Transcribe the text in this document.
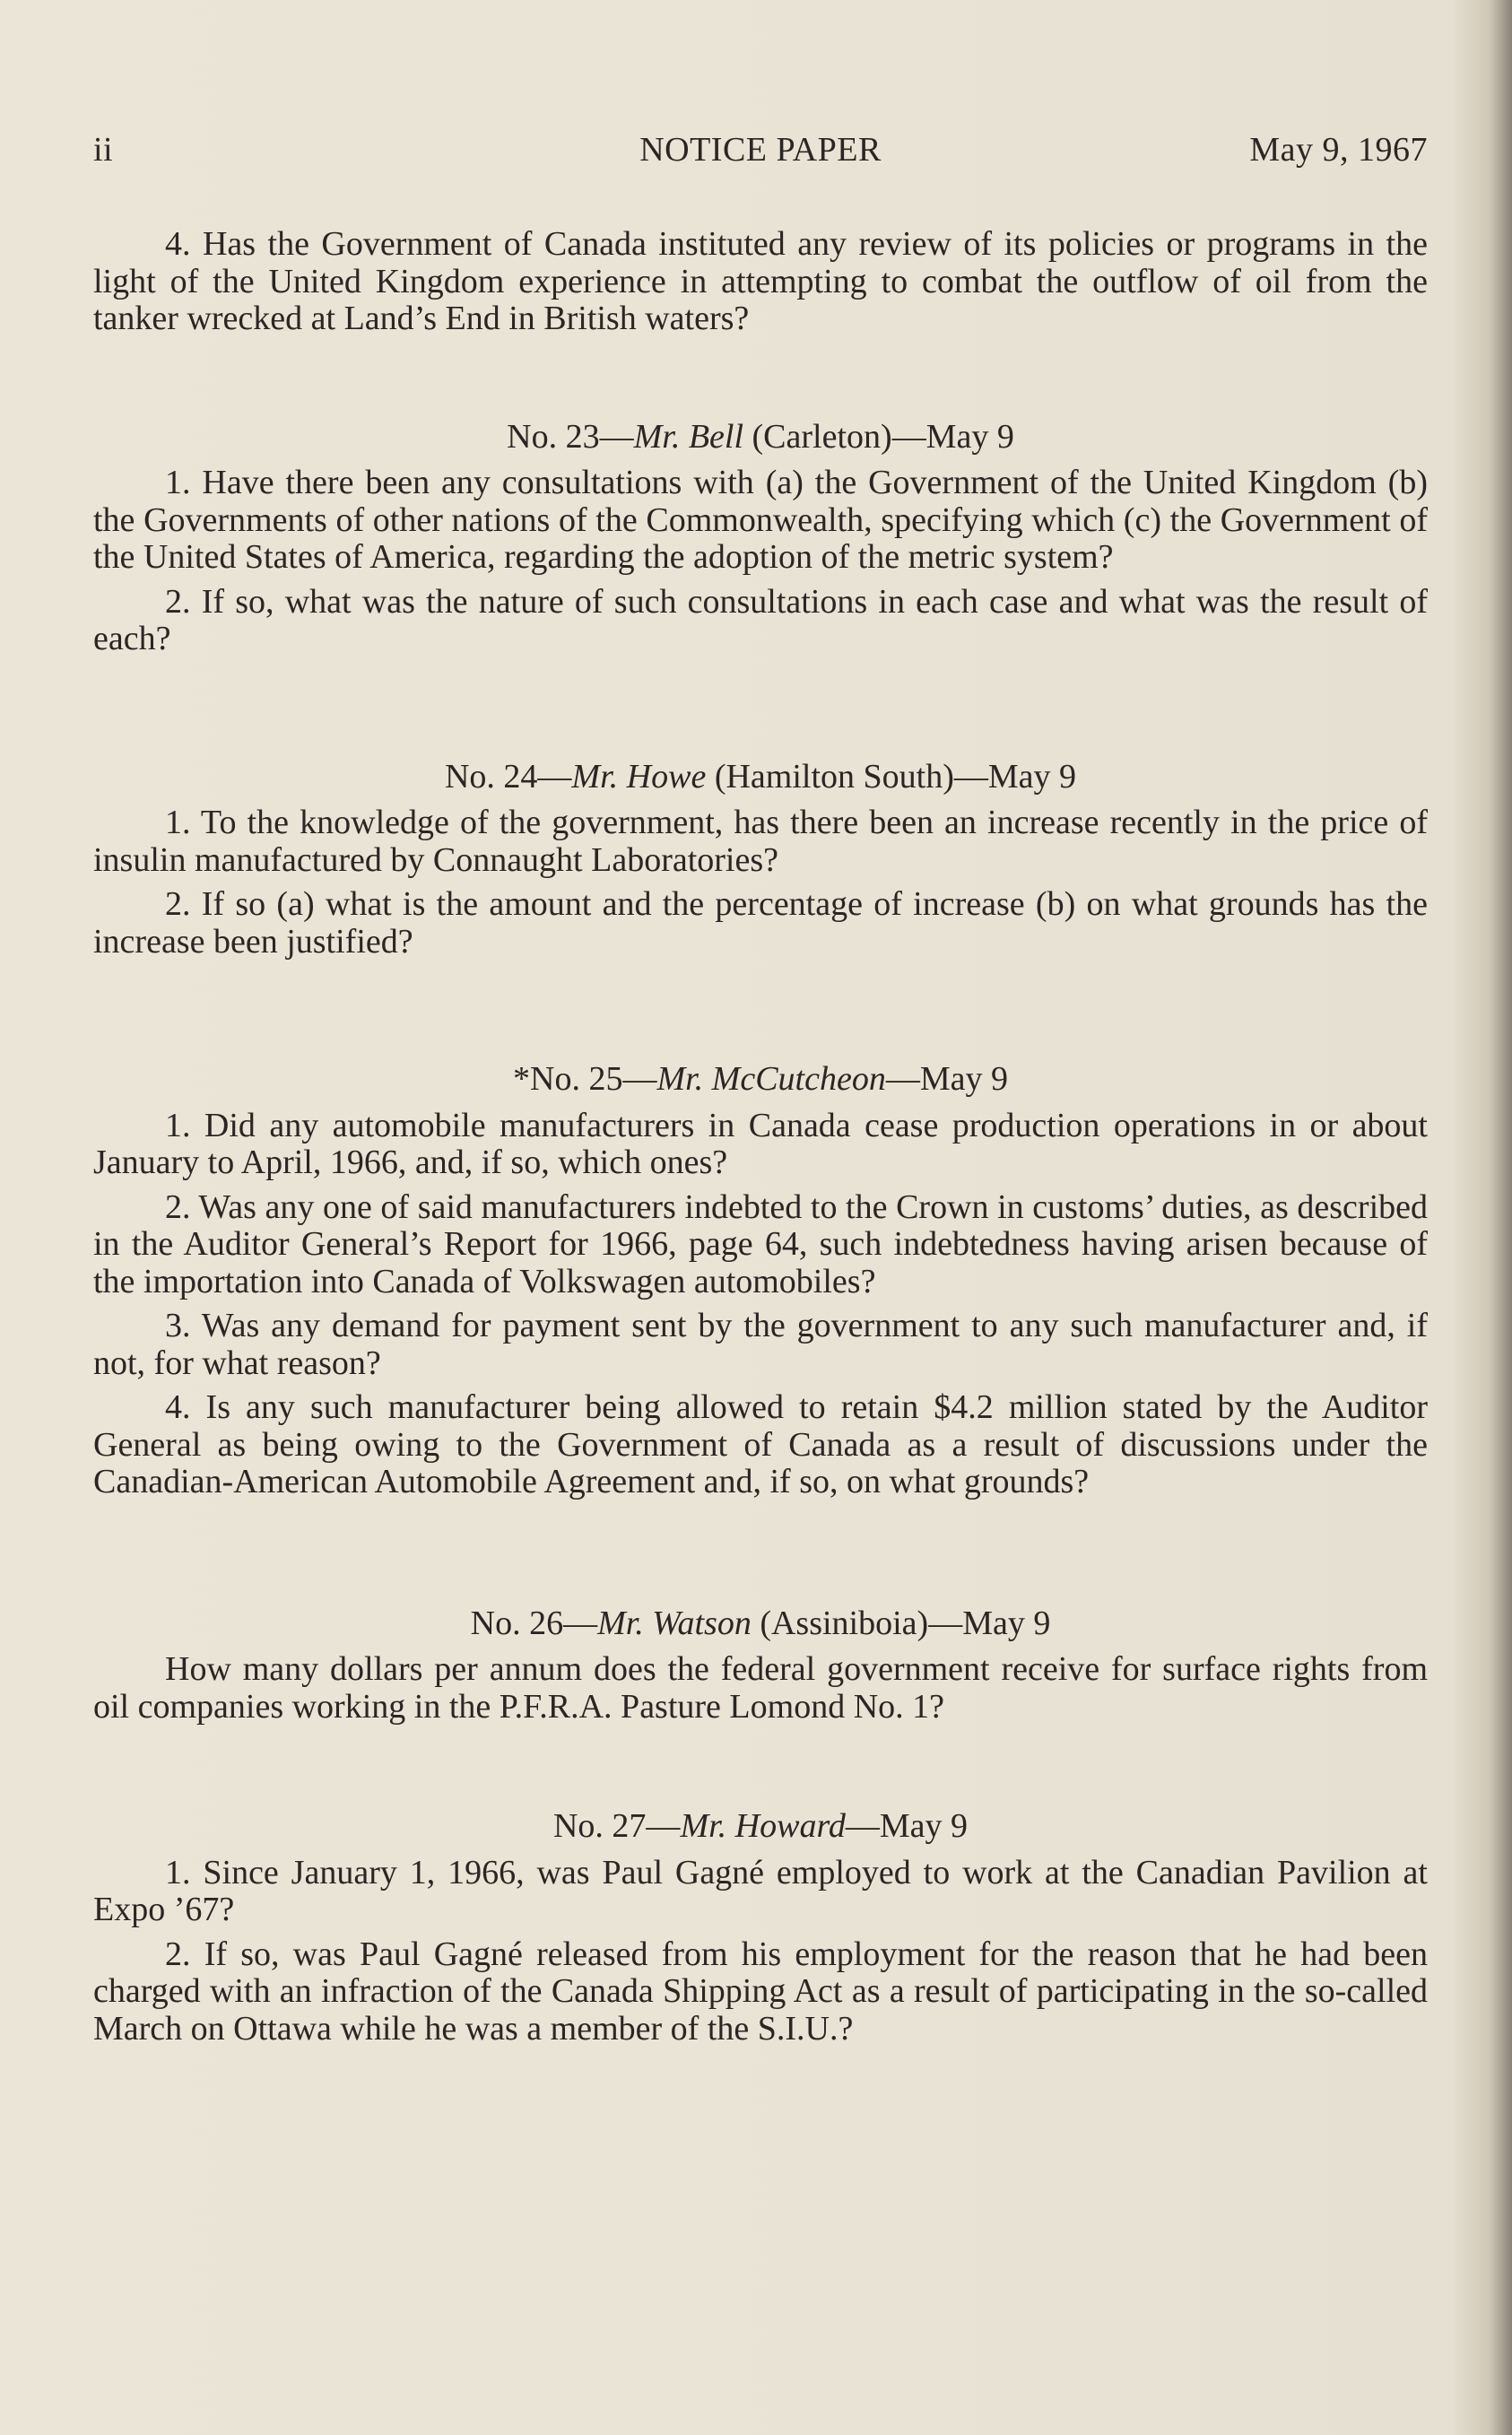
ii	NOTICE PAPER	May 9, 1967

4. Has the Government of Canada instituted any review of its policies or programs in the light of the United Kingdom experience in attempting to combat the outflow of oil from the tanker wrecked at Land’s End in British waters?

No. 23—Mr. Bell (Carleton)—May 9

1. Have there been any consultations with (a) the Government of the United Kingdom (b) the Governments of other nations of the Commonwealth, specifying which (c) the Government of the United States of America, regarding the adoption of the metric system?

2. If so, what was the nature of such consultations in each case and what was the result of each?

No. 24—Mr. Howe (Hamilton South)—May 9

1. To the knowledge of the government, has there been an increase recently in the price of insulin manufactured by Connaught Laboratories?

2. If so (a) what is the amount and the percentage of increase (b) on what grounds has the increase been justified?

*No. 25—Mr. McCutcheon—May 9

1. Did any automobile manufacturers in Canada cease production operations in or about January to April, 1966, and, if so, which ones?

2. Was any one of said manufacturers indebted to the Crown in customs’ duties, as described in the Auditor General’s Report for 1966, page 64, such indebtedness having arisen because of the importation into Canada of Volkswagen automobiles?

3. Was any demand for payment sent by the government to any such manufacturer and, if not, for what reason?

4. Is any such manufacturer being allowed to retain $4.2 million stated by the Auditor General as being owing to the Government of Canada as a result of discussions under the Canadian-American Automobile Agreement and, if so, on what grounds?

No. 26—Mr. Watson (Assiniboia)—May 9

How many dollars per annum does the federal government receive for surface rights from oil companies working in the P.F.R.A. Pasture Lomond No. 1?

No. 27—Mr. Howard—May 9

1. Since January 1, 1966, was Paul Gagné employed to work at the Canadian Pavilion at Expo ’67?

2. If so, was Paul Gagné released from his employment for the reason that he had been charged with an infraction of the Canada Shipping Act as a result of participating in the so-called March on Ottawa while he was a member of the S.I.U.?
